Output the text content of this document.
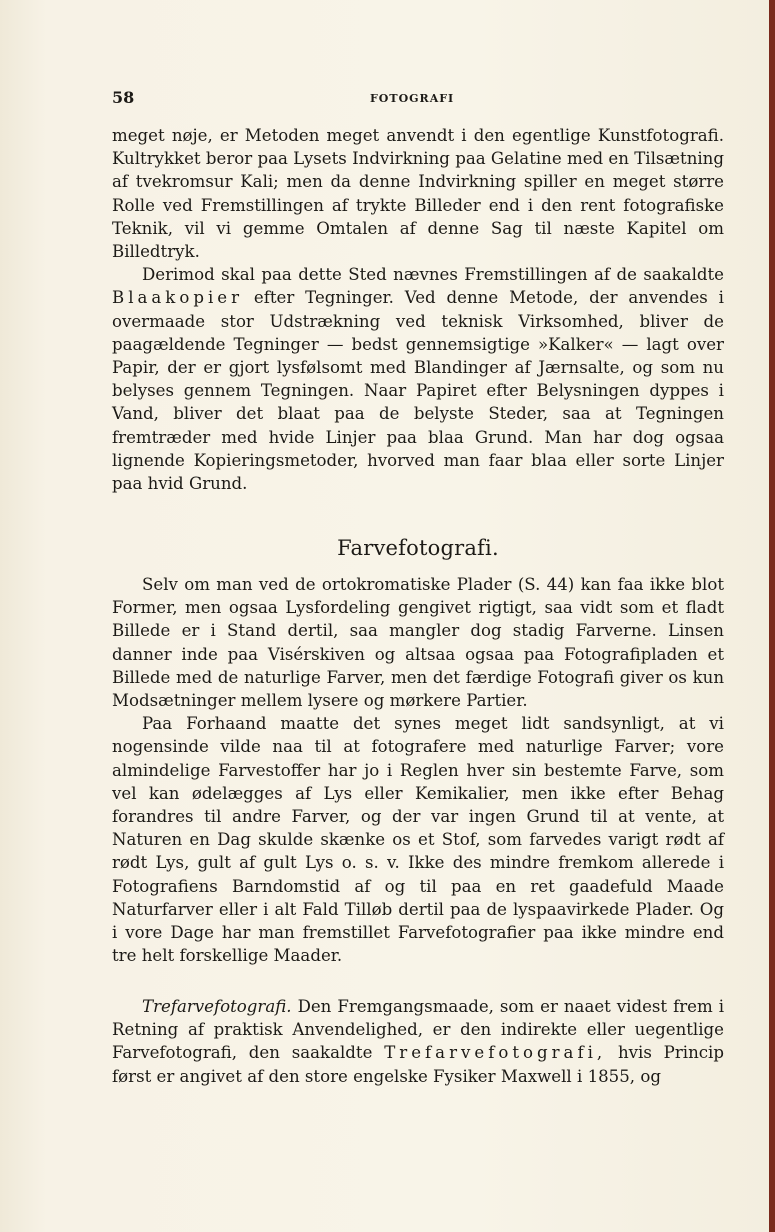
58	FOTOGRAFI

meget nøje, er Metoden meget anvendt i den egentlige Kunstfotografi. Kultrykket beror paa Lysets Indvirkning paa Gelatine med en Tilsætning af tvekromsur Kali; men da denne Indvirkning spiller en meget større Rolle ved Fremstillingen af trykte Billeder end i den rent fotografiske Teknik, vil vi gemme Omtalen af denne Sag til næste Kapitel om Billedtryk.

Derimod skal paa dette Sted nævnes Fremstillingen af de saakaldte Blaakopier efter Tegninger. Ved denne Metode, der anvendes i overmaade stor Udstrækning ved teknisk Virksomhed, bliver de paagældende Tegninger — bedst gennemsigtige »Kalker« — lagt over Papir, der er gjort lysfølsomt med Blandinger af Jærnsalte, og som nu belyses gennem Tegningen. Naar Papiret efter Belysningen dyppes i Vand, bliver det blaat paa de belyste Steder, saa at Tegningen fremtræder med hvide Linjer paa blaa Grund. Man har dog ogsaa lignende Kopieringsmetoder, hvorved man faar blaa eller sorte Linjer paa hvid Grund.

Farvefotografi.

Selv om man ved de ortokromatiske Plader (S. 44) kan faa ikke blot Former, men ogsaa Lysfordeling gengivet rigtigt, saa vidt som et fladt Billede er i Stand dertil, saa mangler dog stadig Farverne. Linsen danner inde paa Visérskiven og altsaa ogsaa paa Fotografipladen et Billede med de naturlige Farver, men det færdige Fotografi giver os kun Modsætninger mellem lysere og mørkere Partier.

Paa Forhaand maatte det synes meget lidt sandsynligt, at vi nogensinde vilde naa til at fotografere med naturlige Farver; vore almindelige Farvestoffer har jo i Reglen hver sin bestemte Farve, som vel kan ødelægges af Lys eller Kemikalier, men ikke efter Behag forandres til andre Farver, og der var ingen Grund til at vente, at Naturen en Dag skulde skænke os et Stof, som farvedes varigt rødt af rødt Lys, gult af gult Lys o. s. v. Ikke des mindre fremkom allerede i Fotografiens Barndomstid af og til paa en ret gaadefuld Maade Naturfarver eller i alt Fald Tilløb dertil paa de lyspaavirkede Plader. Og i vore Dage har man fremstillet Farvefotografier paa ikke mindre end tre helt forskellige Maader.

Trefarvefotografi. Den Fremgangsmaade, som er naaet videst frem i Retning af praktisk Anvendelighed, er den indirekte eller uegentlige Farvefotografi, den saakaldte Trefarvefotografi, hvis Princip først er angivet af den store engelske Fysiker Maxwell i 1855, og
